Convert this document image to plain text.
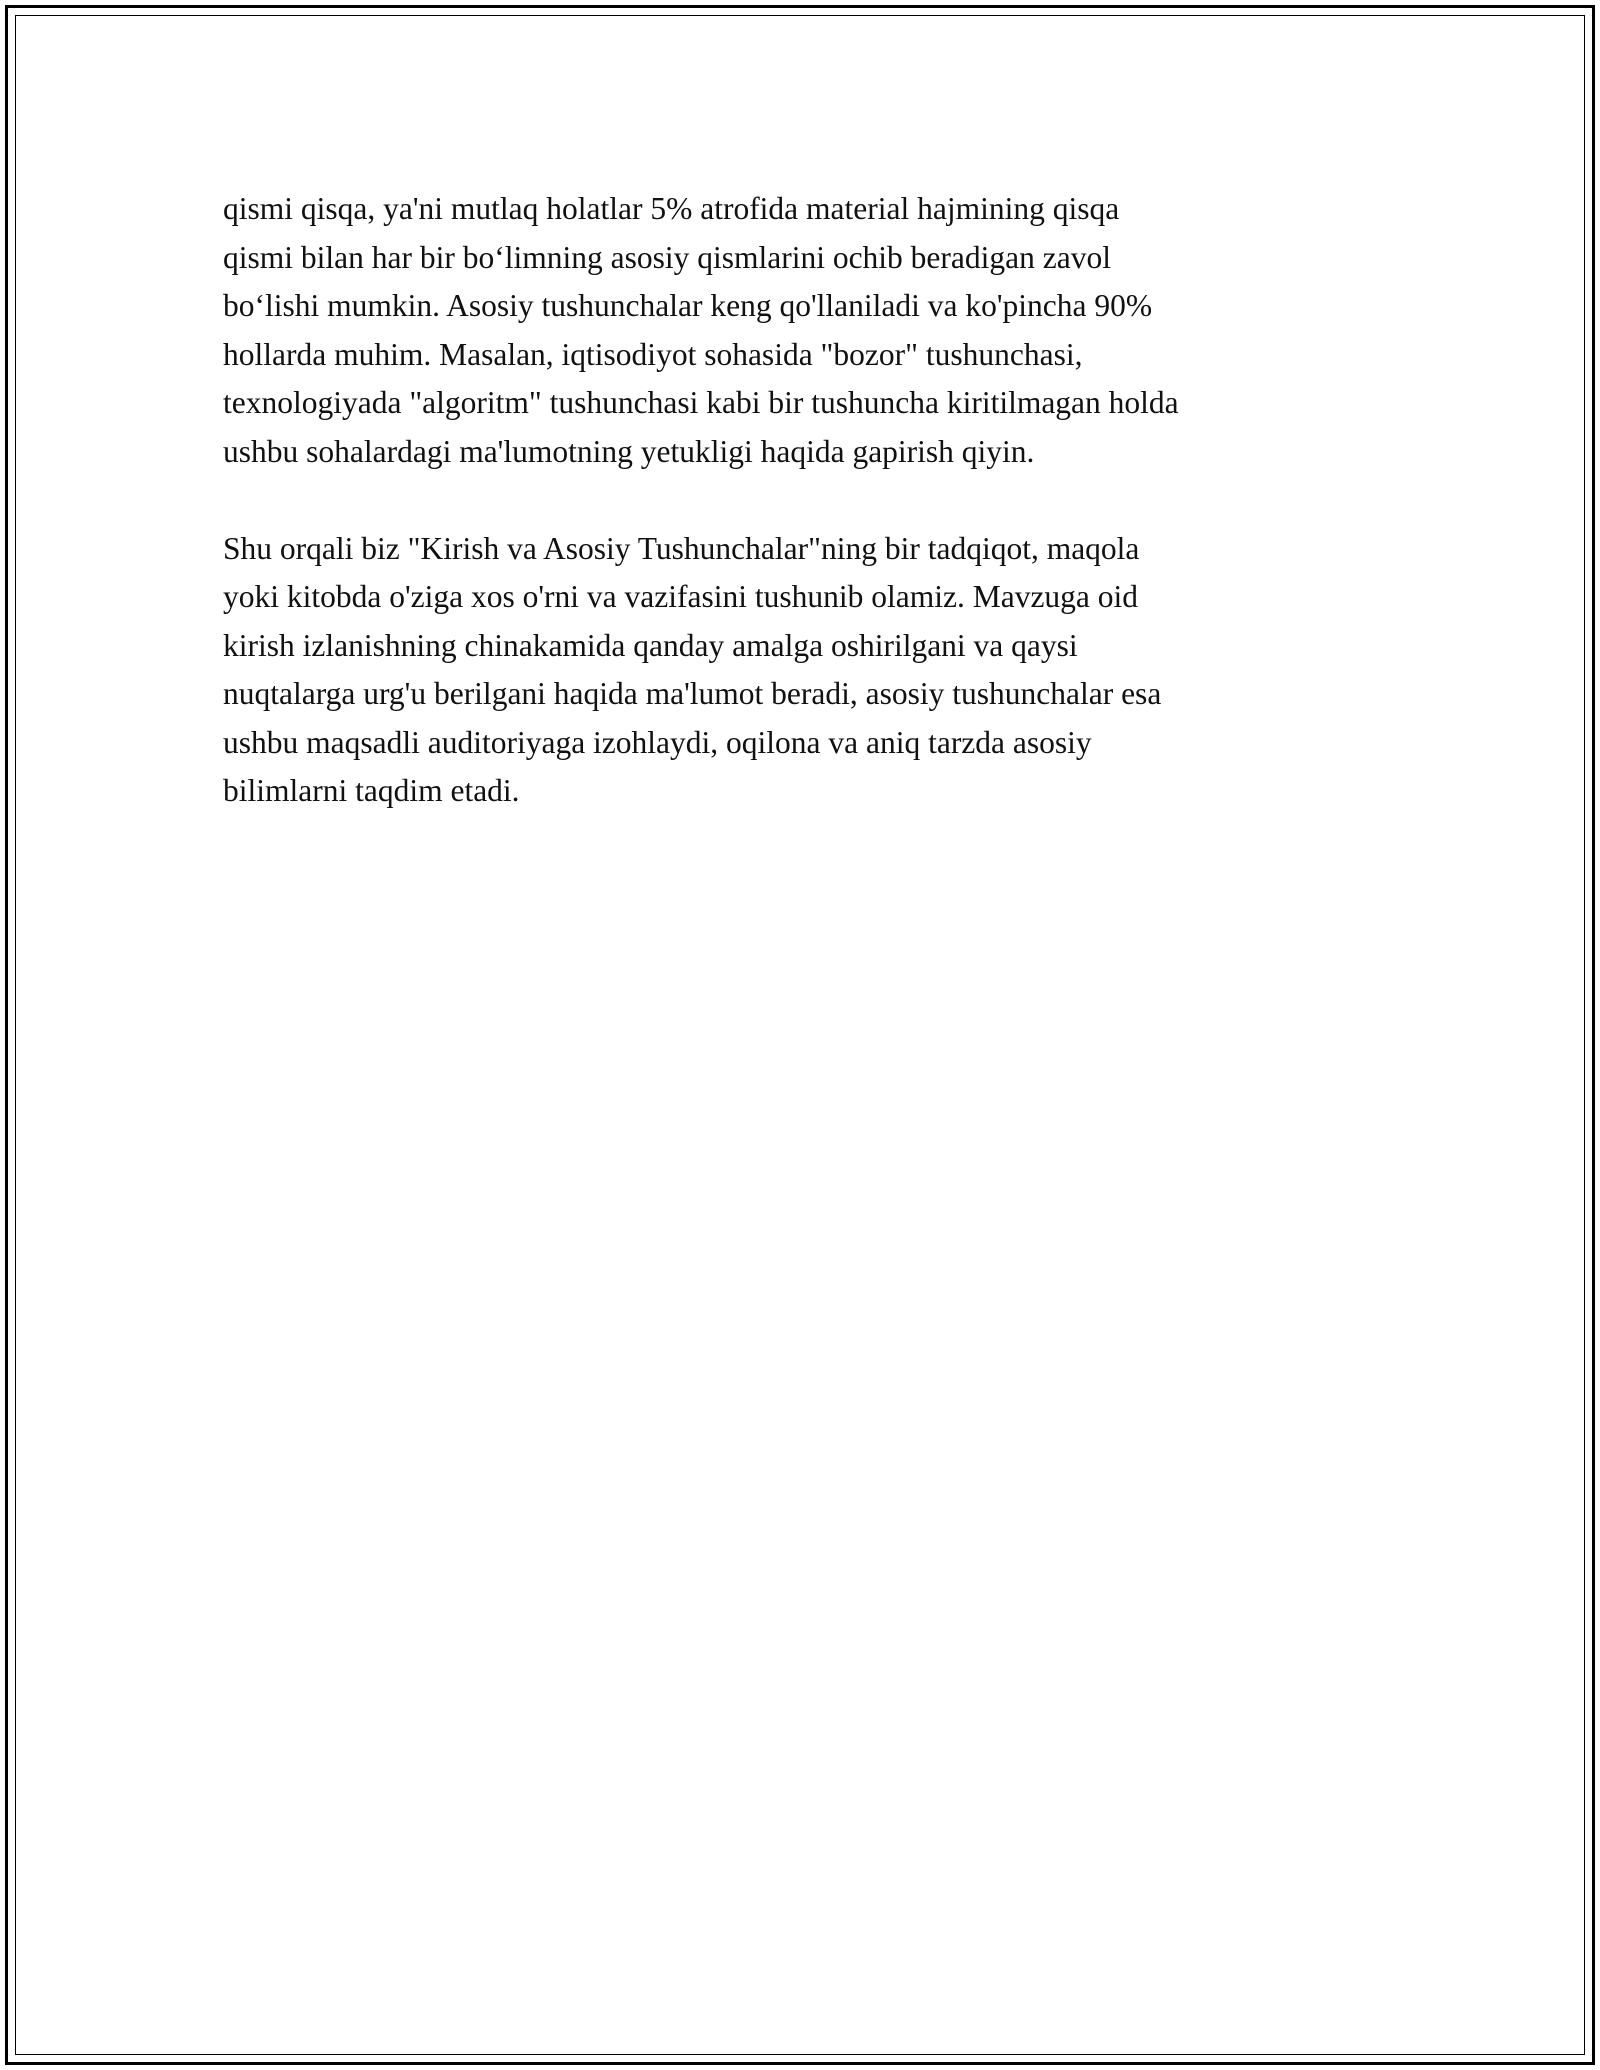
qismi qisqa, ya'ni mutlaq holatlar 5% atrofida material hajmining qisqa
qismi bilan har bir bo‘limning asosiy qismlarini ochib beradigan zavol
bo‘lishi mumkin. Asosiy tushunchalar keng qo'llaniladi va ko'pincha 90%
hollarda muhim. Masalan, iqtisodiyot sohasida "bozor" tushunchasi,
texnologiyada "algoritm" tushunchasi kabi bir tushuncha kiritilmagan holda
ushbu sohalardagi ma'lumotning yetukligi haqida gapirish qiyin.

Shu orqali biz "Kirish va Asosiy Tushunchalar"ning bir tadqiqot, maqola
yoki kitobda o'ziga xos o'rni va vazifasini tushunib olamiz. Mavzuga oid
kirish izlanishning chinakamida qanday amalga oshirilgani va qaysi
nuqtalarga urg'u berilgani haqida ma'lumot beradi, asosiy tushunchalar esa
ushbu maqsadli auditoriyaga izohlaydi, oqilona va aniq tarzda asosiy
bilimlarni taqdim etadi.
